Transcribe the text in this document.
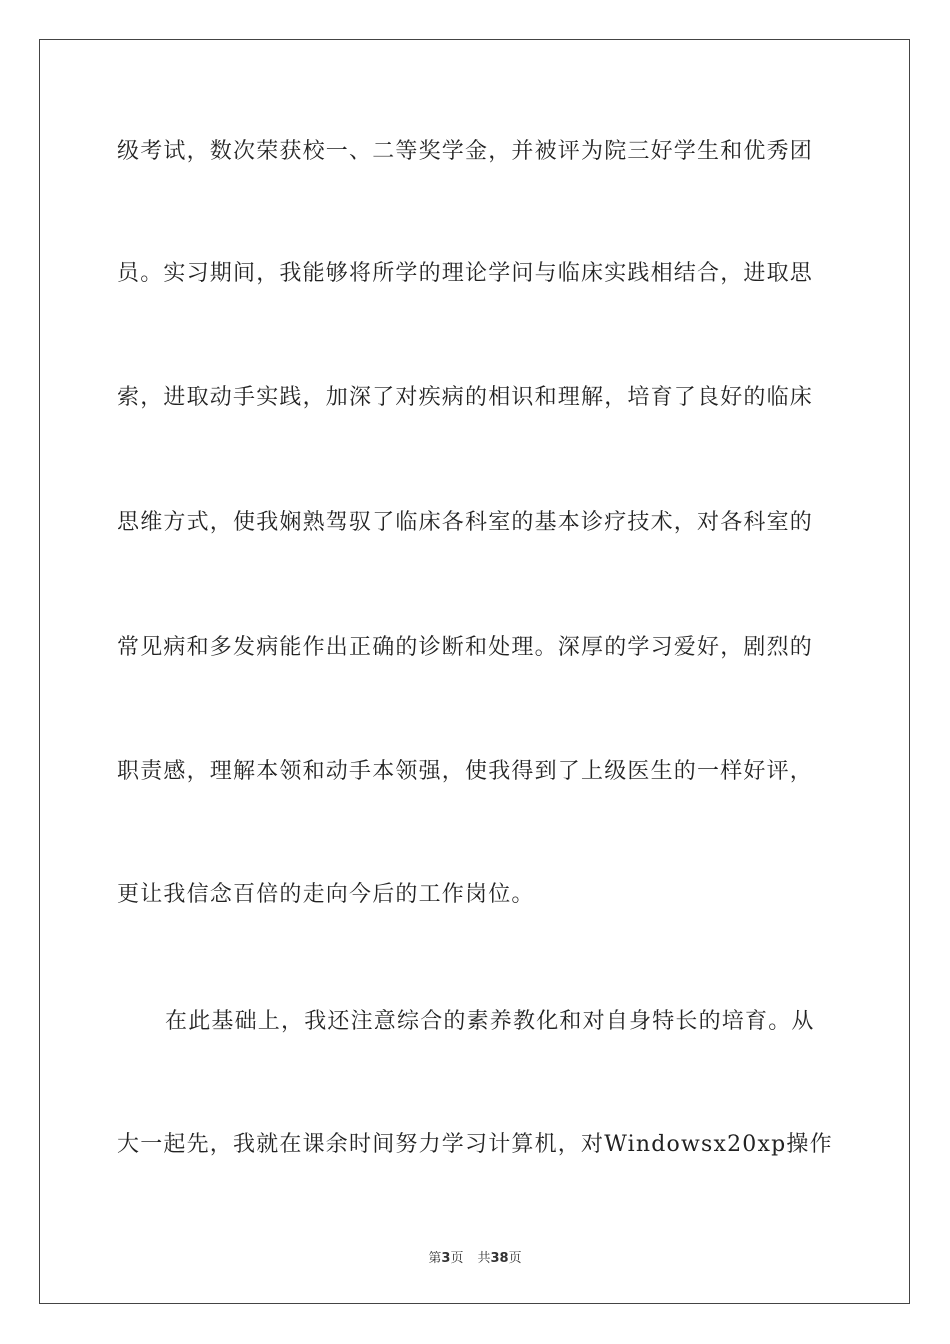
级考试，数次荣获校一、二等奖学金，并被评为院三好学生和优秀团
员。实习期间，我能够将所学的理论学问与临床实践相结合，进取思
索，进取动手实践，加深了对疾病的相识和理解，培育了良好的临床
思维方式，使我娴熟驾驭了临床各科室的基本诊疗技术，对各科室的
常见病和多发病能作出正确的诊断和处理。深厚的学习爱好，剧烈的
职责感，理解本领和动手本领强，使我得到了上级医生的一样好评，
更让我信念百倍的走向今后的工作岗位。
在此基础上，我还注意综合的素养教化和对自身特长的培育。从
大一起先，我就在课余时间努力学习计算机，对Windowsx20xp操作
第3页 共38页
